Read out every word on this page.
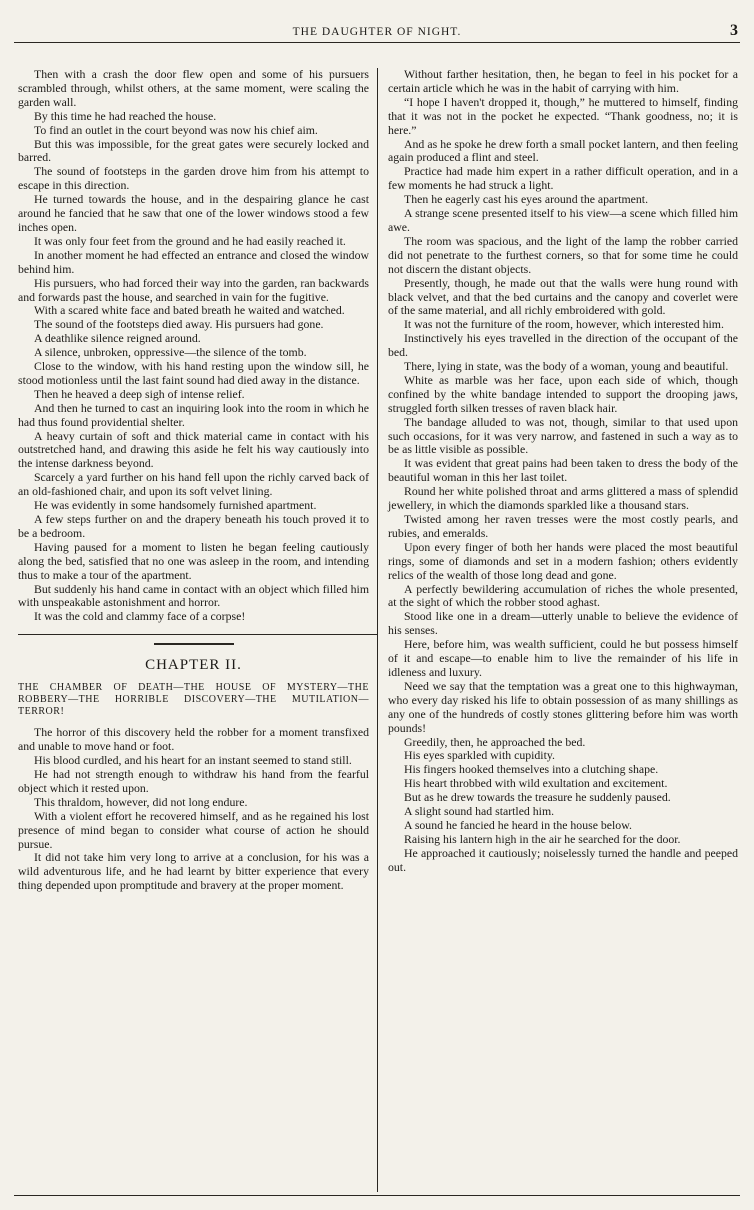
THE DAUGHTER OF NIGHT.	3

Then with a crash the door flew open and some of his pursuers scrambled through, whilst others, at the same moment, were scaling the garden wall.

By this time he had reached the house.

To find an outlet in the court beyond was now his chief aim.

But this was impossible, for the great gates were securely locked and barred.

The sound of footsteps in the garden drove him from his attempt to escape in this direction.

He turned towards the house, and in the despairing glance he cast around he fancied that he saw that one of the lower windows stood a few inches open.

It was only four feet from the ground and he had easily reached it.

In another moment he had effected an entrance and closed the window behind him.

His pursuers, who had forced their way into the garden, ran backwards and forwards past the house, and searched in vain for the fugitive.

With a scared white face and bated breath he waited and watched.

The sound of the footsteps died away. His pursuers had gone.

A deathlike silence reigned around.

A silence, unbroken, oppressive—the silence of the tomb.

Close to the window, with his hand resting upon the window sill, he stood motionless until the last faint sound had died away in the distance.

Then he heaved a deep sigh of intense relief.

And then he turned to cast an inquiring look into the room in which he had thus found providential shelter.

A heavy curtain of soft and thick material came in contact with his outstretched hand, and drawing this aside he felt his way cautiously into the intense darkness beyond.

Scarcely a yard further on his hand fell upon the richly carved back of an old-fashioned chair, and upon its soft velvet lining.

He was evidently in some handsomely furnished apartment.

A few steps further on and the drapery beneath his touch proved it to be a bedroom.

Having paused for a moment to listen he began feeling cautiously along the bed, satisfied that no one was asleep in the room, and intending thus to make a tour of the apartment.

But suddenly his hand came in contact with an object which filled him with unspeakable astonishment and horror.

It was the cold and clammy face of a corpse!

CHAPTER II.
THE CHAMBER OF DEATH—THE HOUSE OF MYSTERY—THE ROBBERY—THE HORRIBLE DISCOVERY—THE MUTILATION—TERROR!

The horror of this discovery held the robber for a moment transfixed and unable to move hand or foot.

His blood curdled, and his heart for an instant seemed to stand still.

He had not strength enough to withdraw his hand from the fearful object which it rested upon.

This thraldom, however, did not long endure.

With a violent effort he recovered himself, and as he regained his lost presence of mind began to consider what course of action he should pursue.

It did not take him very long to arrive at a conclusion, for his was a wild adventurous life, and he had learnt by bitter experience that every thing depended upon promptitude and bravery at the proper moment.

Without farther hesitation, then, he began to feel in his pocket for a certain article which he was in the habit of carrying with him.

“I hope I haven't dropped it, though,” he muttered to himself, finding that it was not in the pocket he expected. “Thank goodness, no; it is here.”

And as he spoke he drew forth a small pocket lantern, and then feeling again produced a flint and steel.

Practice had made him expert in a rather difficult operation, and in a few moments he had struck a light.

Then he eagerly cast his eyes around the apartment.

A strange scene presented itself to his view—a scene which filled him awe.

The room was spacious, and the light of the lamp the robber carried did not penetrate to the furthest corners, so that for some time he could not discern the distant objects.

Presently, though, he made out that the walls were hung round with black velvet, and that the bed curtains and the canopy and coverlet were of the same material, and all richly embroidered with gold.

It was not the furniture of the room, however, which interested him.

Instinctively his eyes travelled in the direction of the occupant of the bed.

There, lying in state, was the body of a woman, young and beautiful.

White as marble was her face, upon each side of which, though confined by the white bandage intended to support the drooping jaws, struggled forth silken tresses of raven black hair.

The bandage alluded to was not, though, similar to that used upon such occasions, for it was very narrow, and fastened in such a way as to be as little visible as possible.

It was evident that great pains had been taken to dress the body of the beautiful woman in this her last toilet.

Round her white polished throat and arms glittered a mass of splendid jewellery, in which the diamonds sparkled like a thousand stars.

Twisted among her raven tresses were the most costly pearls, and rubies, and emeralds.

Upon every finger of both her hands were placed the most beautiful rings, some of diamonds and set in a modern fashion; others evidently relics of the wealth of those long dead and gone.

A perfectly bewildering accumulation of riches the whole presented, at the sight of which the robber stood aghast.

Stood like one in a dream—utterly unable to believe the evidence of his senses.

Here, before him, was wealth sufficient, could he but possess himself of it and escape—to enable him to live the remainder of his life in idleness and luxury.

Need we say that the temptation was a great one to this highwayman, who every day risked his life to obtain possession of as many shillings as any one of the hundreds of costly stones glittering before him was worth pounds!

Greedily, then, he approached the bed.

His eyes sparkled with cupidity.

His fingers hooked themselves into a clutching shape.

His heart throbbed with wild exultation and excitement.

But as he drew towards the treasure he suddenly paused.

A slight sound had startled him.

A sound he fancied he heard in the house below.

Raising his lantern high in the air he searched for the door.

He approached it cautiously; noiselessly turned the handle and peeped out.
